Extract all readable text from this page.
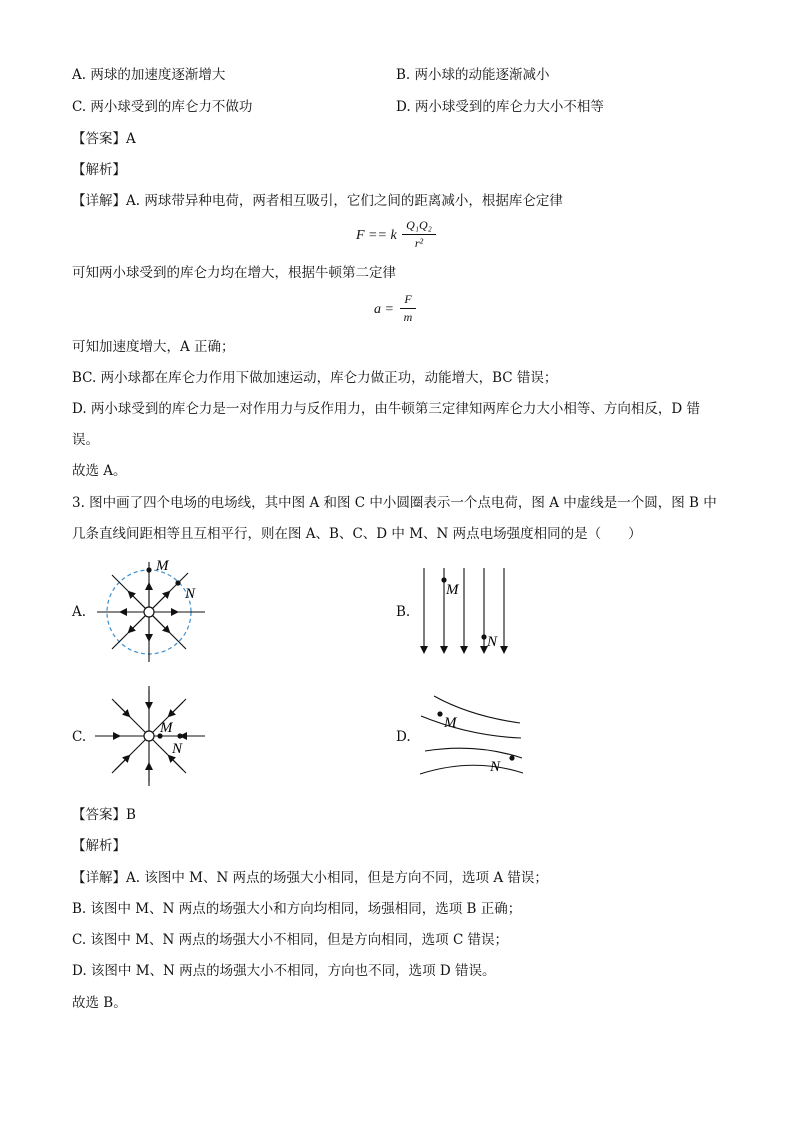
A. 两球的加速度逐渐增大	B. 两小球的动能逐渐减小
C. 两小球受到的库仑力不做功	D. 两小球受到的库仑力大小不相等
【答案】A
【解析】
【详解】A. 两球带异种电荷，两者相互吸引，它们之间的距离减小，根据库仑定律
F == k
Q₁Q₂
r²
可知两小球受到的库仑力均在增大，根据牛顿第二定律
a =
F
m
可知加速度增大，A 正确；
BC. 两小球都在库仑力作用下做加速运动，库仑力做正功，动能增大，BC 错误；
D. 两小球受到的库仑力是一对作用力与反作用力，由牛顿第三定律知两库仑力大小相等、方向相反，D 错
误。
故选 A。
3. 图中画了四个电场的电场线，其中图 A 和图 C 中小圆圈表示一个点电荷，图 A 中虚线是一个圆，图 B 中
几条直线间距相等且互相平行，则在图 A、B、C、D 中 M、N 两点电场强度相同的是（　　）
A.	B.
C.	D.
M
N	M
N
M
N
M
N
【答案】B
【解析】
【详解】A. 该图中 M、N 两点的场强大小相同，但是方向不同，选项 A 错误；
B. 该图中 M、N 两点的场强大小和方向均相同，场强相同，选项 B 正确；
C. 该图中 M、N 两点的场强大小不相同，但是方向相同，选项 C 错误；
D. 该图中 M、N 两点的场强大小不相同，方向也不同，选项 D 错误。
故选 B。
